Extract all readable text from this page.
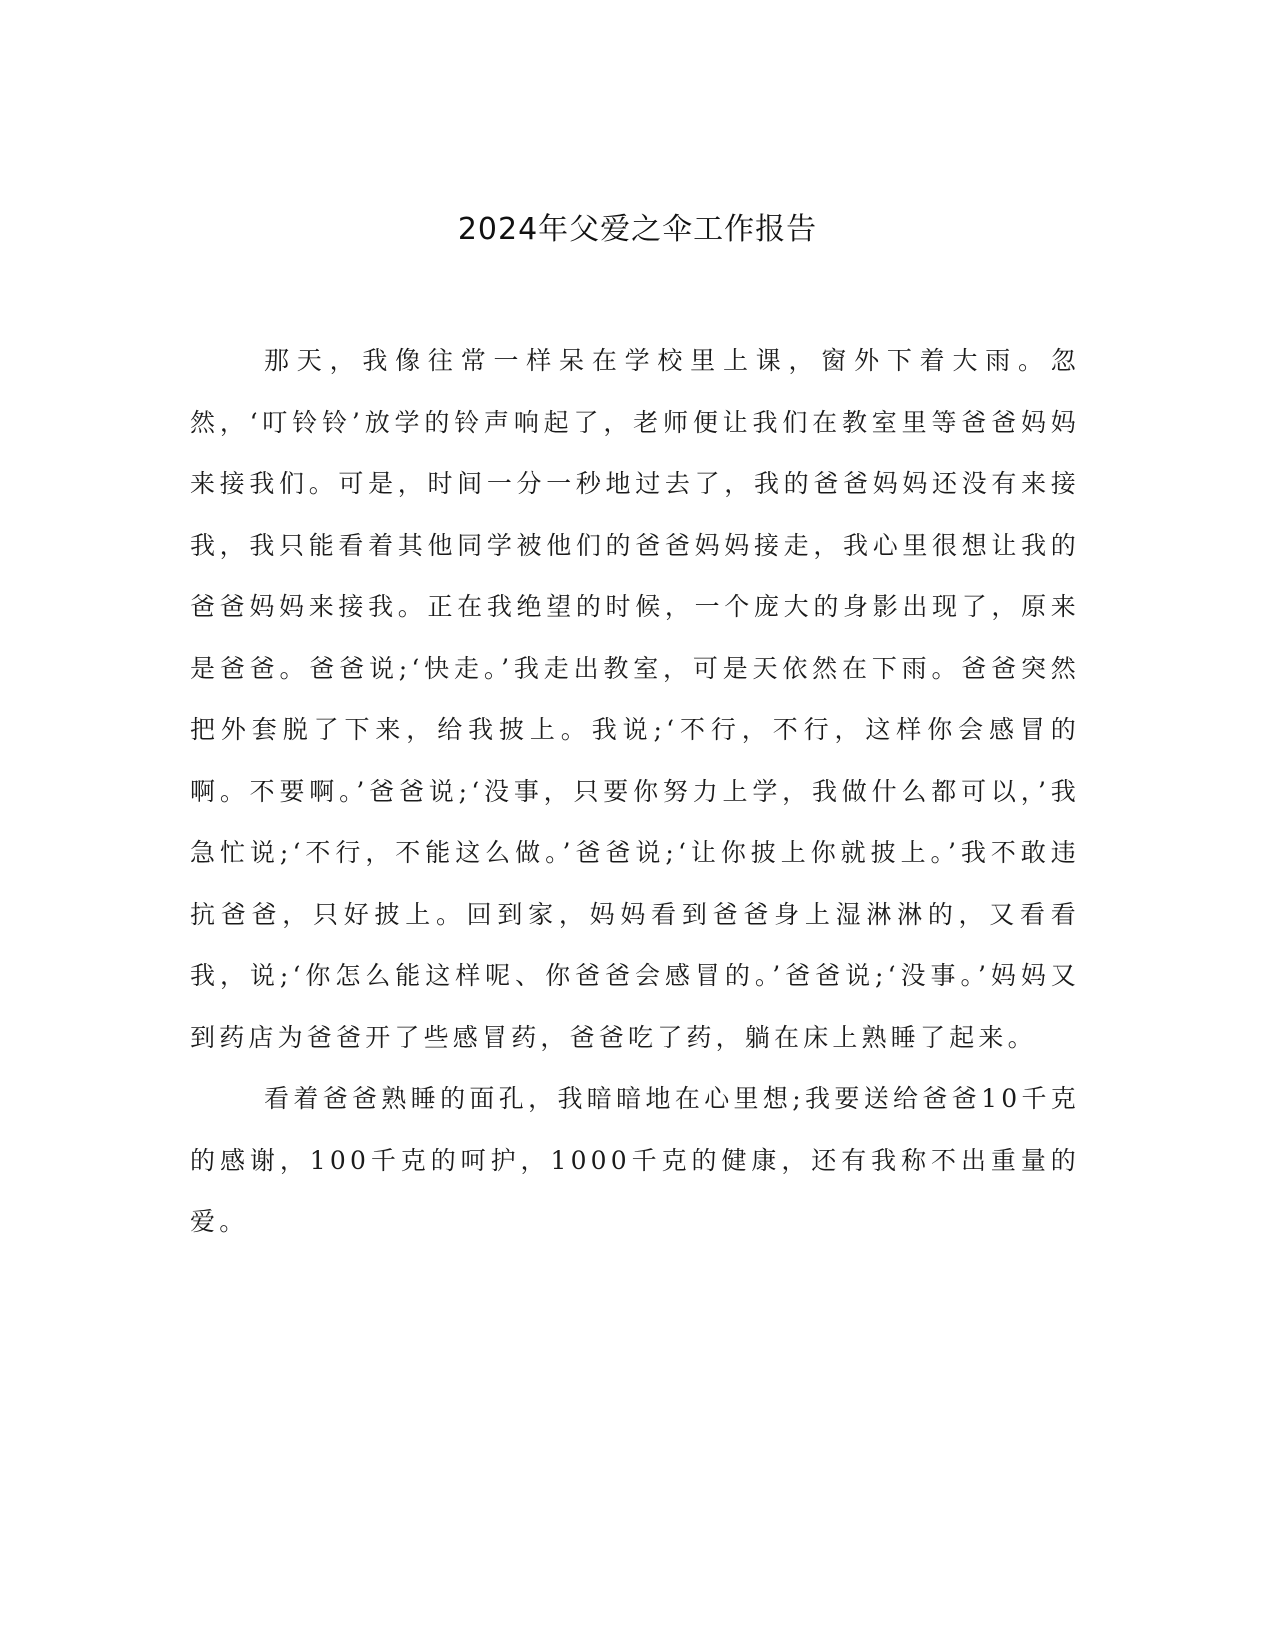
2024年父爱之伞工作报告

那天，我像往常一样呆在学校里上课，窗外下着大雨。忽然，‘叮铃铃’放学的铃声响起了，老师便让我们在教室里等爸爸妈妈来接我们。可是，时间一分一秒地过去了，我的爸爸妈妈还没有来接我，我只能看着其他同学被他们的爸爸妈妈接走，我心里很想让我的爸爸妈妈来接我。正在我绝望的时候，一个庞大的身影出现了，原来是爸爸。爸爸说;‘快走。’我走出教室，可是天依然在下雨。爸爸突然把外套脱了下来，给我披上。我说;‘不行，不行，这样你会感冒的啊。不要啊。’爸爸说;‘没事，只要你努力上学，我做什么都可以，’我急忙说;‘不行，不能这么做。’爸爸说;‘让你披上你就披上。’我不敢违抗爸爸，只好披上。回到家，妈妈看到爸爸身上湿淋淋的，又看看我，说;‘你怎么能这样呢、你爸爸会感冒的。’爸爸说;‘没事。’妈妈又到药店为爸爸开了些感冒药，爸爸吃了药，躺在床上熟睡了起来。

看着爸爸熟睡的面孔，我暗暗地在心里想;我要送给爸爸10千克的感谢，100千克的呵护，1000千克的健康，还有我称不出重量的爱。
